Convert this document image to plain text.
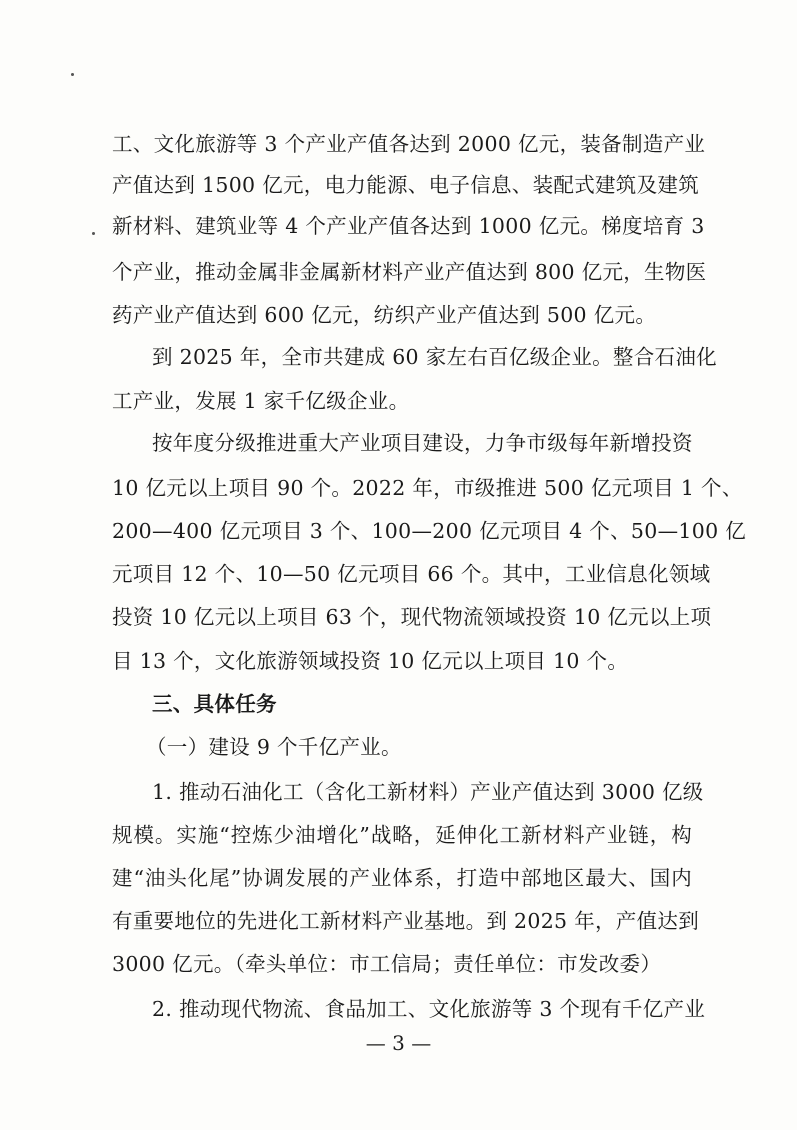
工、文化旅游等 3 个产业产值各达到 2000 亿元，装备制造产业
产值达到 1500 亿元，电力能源、电子信息、装配式建筑及建筑
新材料、建筑业等 4 个产业产值各达到 1000 亿元。梯度培育 3
个产业，推动金属非金属新材料产业产值达到 800 亿元，生物医
药产业产值达到 600 亿元，纺织产业产值达到 500 亿元。
到 2025 年，全市共建成 60 家左右百亿级企业。整合石油化
工产业，发展 1 家千亿级企业。
按年度分级推进重大产业项目建设，力争市级每年新增投资
10 亿元以上项目 90 个。2022 年，市级推进 500 亿元项目 1 个、
200—400 亿元项目 3 个、100—200 亿元项目 4 个、50—100 亿
元项目 12 个、10—50 亿元项目 66 个。其中，工业信息化领域
投资 10 亿元以上项目 63 个，现代物流领域投资 10 亿元以上项
目 13 个，文化旅游领域投资 10 亿元以上项目 10 个。
三、具体任务
（一）建设 9 个千亿产业。
1. 推动石油化工（含化工新材料）产业产值达到 3000 亿级
规模。实施“控炼少油增化”战略，延伸化工新材料产业链，构
建“油头化尾”协调发展的产业体系，打造中部地区最大、国内
有重要地位的先进化工新材料产业基地。到 2025 年，产值达到
3000 亿元。（牵头单位：市工信局；责任单位：市发改委）
2. 推动现代物流、食品加工、文化旅游等 3 个现有千亿产业
— 3 —
